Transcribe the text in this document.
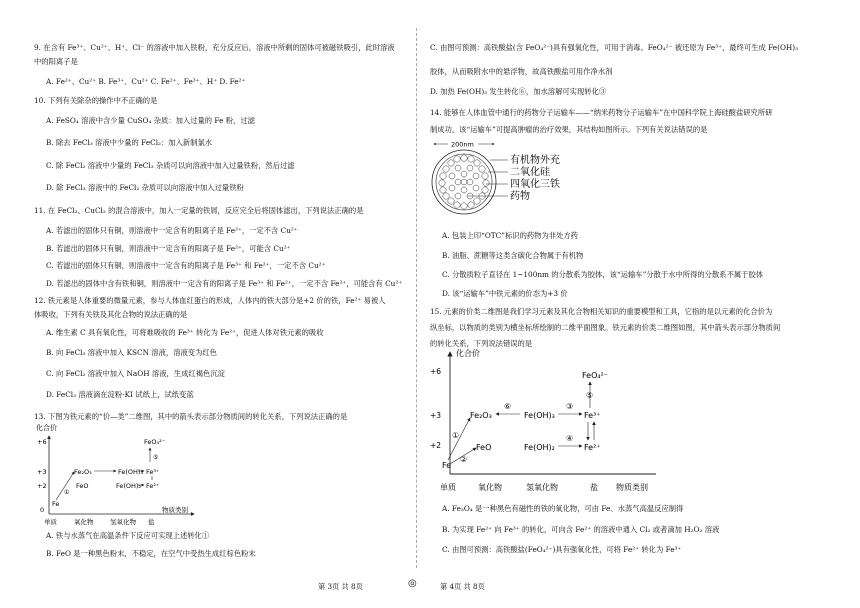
9. 在含有 Fe³⁺、Cu²⁺、H⁺、Cl⁻ 的溶液中加入铁粉，充分反应后，溶液中所剩的固体可被磁铁吸引，此时溶液
中的阳离子是
A. Fe²⁺、Cu²⁺ B. Fe³⁺、Cu²⁺ C. Fe²⁺、Fe³⁺、H⁺ D. Fe²⁺
10. 下列有关除杂的操作中不正确的是
A. FeSO₄ 溶液中含少量 CuSO₄ 杂质：加入过量的 Fe 粉，过滤
B. 除去 FeCl₃ 溶液中少量的 FeCl₂：加入新制氯水
C. 除 FeCl₂ 溶液中少量的 FeCl₃ 杂质可以向溶液中加入过量铁粉，然后过滤
D. 除 FeCl₃ 溶液中的 FeCl₂ 杂质可以向溶液中加入过量铁粉
11. 在 FeCl₃、CuCl₂ 的混合溶液中，加入一定量的铁屑，反应完全后将固体滤出，下列说法正确的是
A. 若滤出的固体只有铜，则溶液中一定含有的阳离子是 Fe²⁺，一定不含 Cu²⁺
B. 若滤出的固体只有铜，则溶液中一定含有的阳离子是 Fe²⁺，可能含 Cu²⁺
C. 若滤出的固体只有铜，则溶液中一定含有的阳离子是 Fe³⁺ 和 Fe²⁺，一定不含 Cu²⁺
D. 若滤出的固体中含有铁和铜，则溶液中一定含有的阳离子是 Fe³⁺ 和 Fe²⁺，一定不含 Fe²⁺，可能含有 Cu²⁺
12. 铁元素是人体重要的微量元素，参与人体血红蛋白的形成，人体内的铁大部分是+2 价的铁，Fe²⁺ 易被人
体吸收，下列有关铁及其化合物的说法正确的是
A. 维生素 C 具有氧化性，可将难吸收的 Fe³⁺ 转化为 Fe²⁺，促进人体对铁元素的吸收
B. 向 FeCl₃ 溶液中加入 KSCN 溶液，溶液变为红色
C. 向 FeCl₂ 溶液中加入 NaOH 溶液，生成红褐色沉淀
D. FeCl₃ 溶液滴在淀粉-KI 试纸上，试纸变蓝
13. 下图为铁元素的“价—类”二维图，其中的箭头表示部分物质间的转化关系，下列说法正确的是
化合价
+6
+3
+2
0
Fe
Fe₂O₃
FeO
Fe(OH)₃
Fe(OH)₂
FeO₄²⁻
Fe³⁺
Fe²⁺
①
⑤
物质类别
单质	氧化物	氢氧化物 盐
A. 铁与水蒸气在高温条件下反应可实现上述转化①
B. FeO 是一种黑色粉末，不稳定，在空气中受热生成红棕色粉末
C. 由图可预测：高铁酸盐(含 FeO₄²⁻)具有强氧化性，可用于消毒。FeO₄²⁻ 被还原为 Fe³⁺，最终可生成 Fe(OH)₃
胶体，从而吸附水中的悬浮物，故高铁酸盐可用作净水剂
D. 加热 Fe(OH)₃ 发生转化⑥，加水溶解可实现转化③
14. 能够在人体血管中通行的药物分子运输车——“纳米药物分子运输车”在中国科学院上海硅酸盐研究所研
制成功，该“运输车”可提高肿瘤的治疗效果，其结构如图所示。下列有关说法错误的是
200nm
有机物外充
二氧化硅
四氧化三铁
药物
A. 包装上印“OTC”标识的药物为非处方药
B. 油脂、蔗糖等这类含碳化合物属于有机物
C. 分散质粒子直径在 1~100nm 的分散系为胶体，该“运输车”分散于水中所得的分散系不属于胶体
D. 该“运输车”中铁元素的价态为+3 价
15. 元素的价类二维图是我们学习元素及其化合物相关知识的重要模型和工具，它指的是以元素的化合价为
纵坐标，以物质的类别为横坐标所绘制的二维平面图象。铁元素的价类二维图如图，其中箭头表示部分物质间
的转化关系，下列说法错误的是
化合价
+6
+3
+2
Fe
Fe₂O₃
FeO
Fe(OH)₃
Fe(OH)₂
FeO₄²⁻
Fe³⁺
Fe²⁺
①
②
⑥	③
④
⑤
单质	氧化物	氢氧化物	盐 物质类别
A. Fe₃O₄ 是一种黑色有磁性的铁的氧化物，可由 Fe、水蒸气高温反应制得
B. 为实现 Fe²⁺ 向 Fe³⁺ 的转化，可向含 Fe²⁺ 的溶液中通入 Cl₂ 或者滴加 H₂O₂ 溶液
C. 由图可预测：高铁酸盐(FeO₄²⁻)具有强氧化性，可将 Fe²⁺ 转化为 Fe³⁺
第 3页 共 8页	◎	第 4页 共 8页
